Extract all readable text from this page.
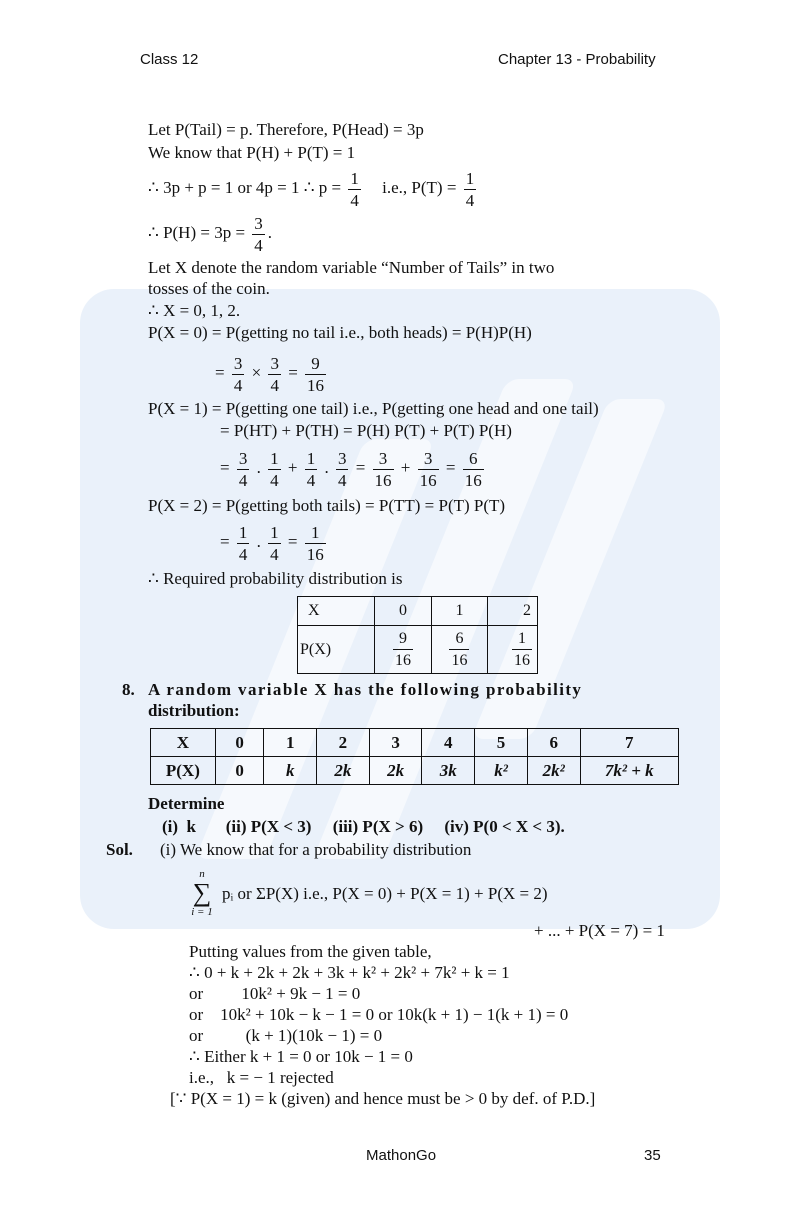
Class 12	Chapter 13 - Probability
MathonGo	35
Let P(Tail) = p. Therefore, P(Head) = 3p
We know that P(H) + P(T) = 1
∴ 3p + p = 1 or 4p = 1 ∴ $p = \frac{1}{4} i.e$., $P(T) = \frac{1}{4}$
∴ $P(H) = 3p = \frac{3}{4}$ .
Let X denote the random variable “Number of Tails” in two
tosses of the coin.
∴ X = 0, 1, 2.
P(X = 0) = P(getting no tail i.e., both heads) = P(H)P(H)
= $\frac{3}{4} \times \frac{3}{4} = \frac{9}{16}$
P(X = 1) = P(getting one tail) i.e., P(getting one head and one tail)
= P(HT) + P(TH) = P(H) P(T) + P(T) P(H)
= $\frac{3}{4}$ . $\frac{1}{4} + \frac{1}{4}$ . $\frac{3}{4} = \frac{3}{16} + \frac{3}{16} = \frac{6}{16}$
P(X = 2) = P(getting both tails) = P(TT) = P(T) P(T)
= $\frac{1}{4}$ . $\frac{1}{4} = \frac{1}{16}$
∴ Required probability distribution is
X	0	1	2
P(X)	$\frac{9}{16}$	$\frac{6}{16}$	$\frac{1}{16}$
8. A random variable X has the following probability
distribution:
X	0	1	2	3	4	5	6	7
P(X)	0	k	2k	2k	3k	k²	2k²	7k² + k
Determine
(i)  k       (ii) P(X < 3)     (iii) P(X > 6)     (iv) P(0 < X < 3).
Sol. (i) We know that for a probability distribution
n
∑
i = 1
pᵢ or ΣP(X) i.e., P(X = 0) + P(X = 1) + P(X = 2)
+ ... + P(X = 7) = 1
Putting values from the given table,
∴ 0 + k + 2k + 2k + 3k + k² + 2k² + 7k² + k = 1
or         10k² + 9k − 1 = 0
or    10k² + 10k − k − 1 = 0 or 10k(k + 1) − 1(k + 1) = 0
or          (k + 1)(10k − 1) = 0
∴ Either k + 1 = 0 or 10k − 1 = 0
i.e.,   k = − 1 rejected
[∵ P(X = 1) = k (given) and hence must be > 0 by def. of P.D.]
